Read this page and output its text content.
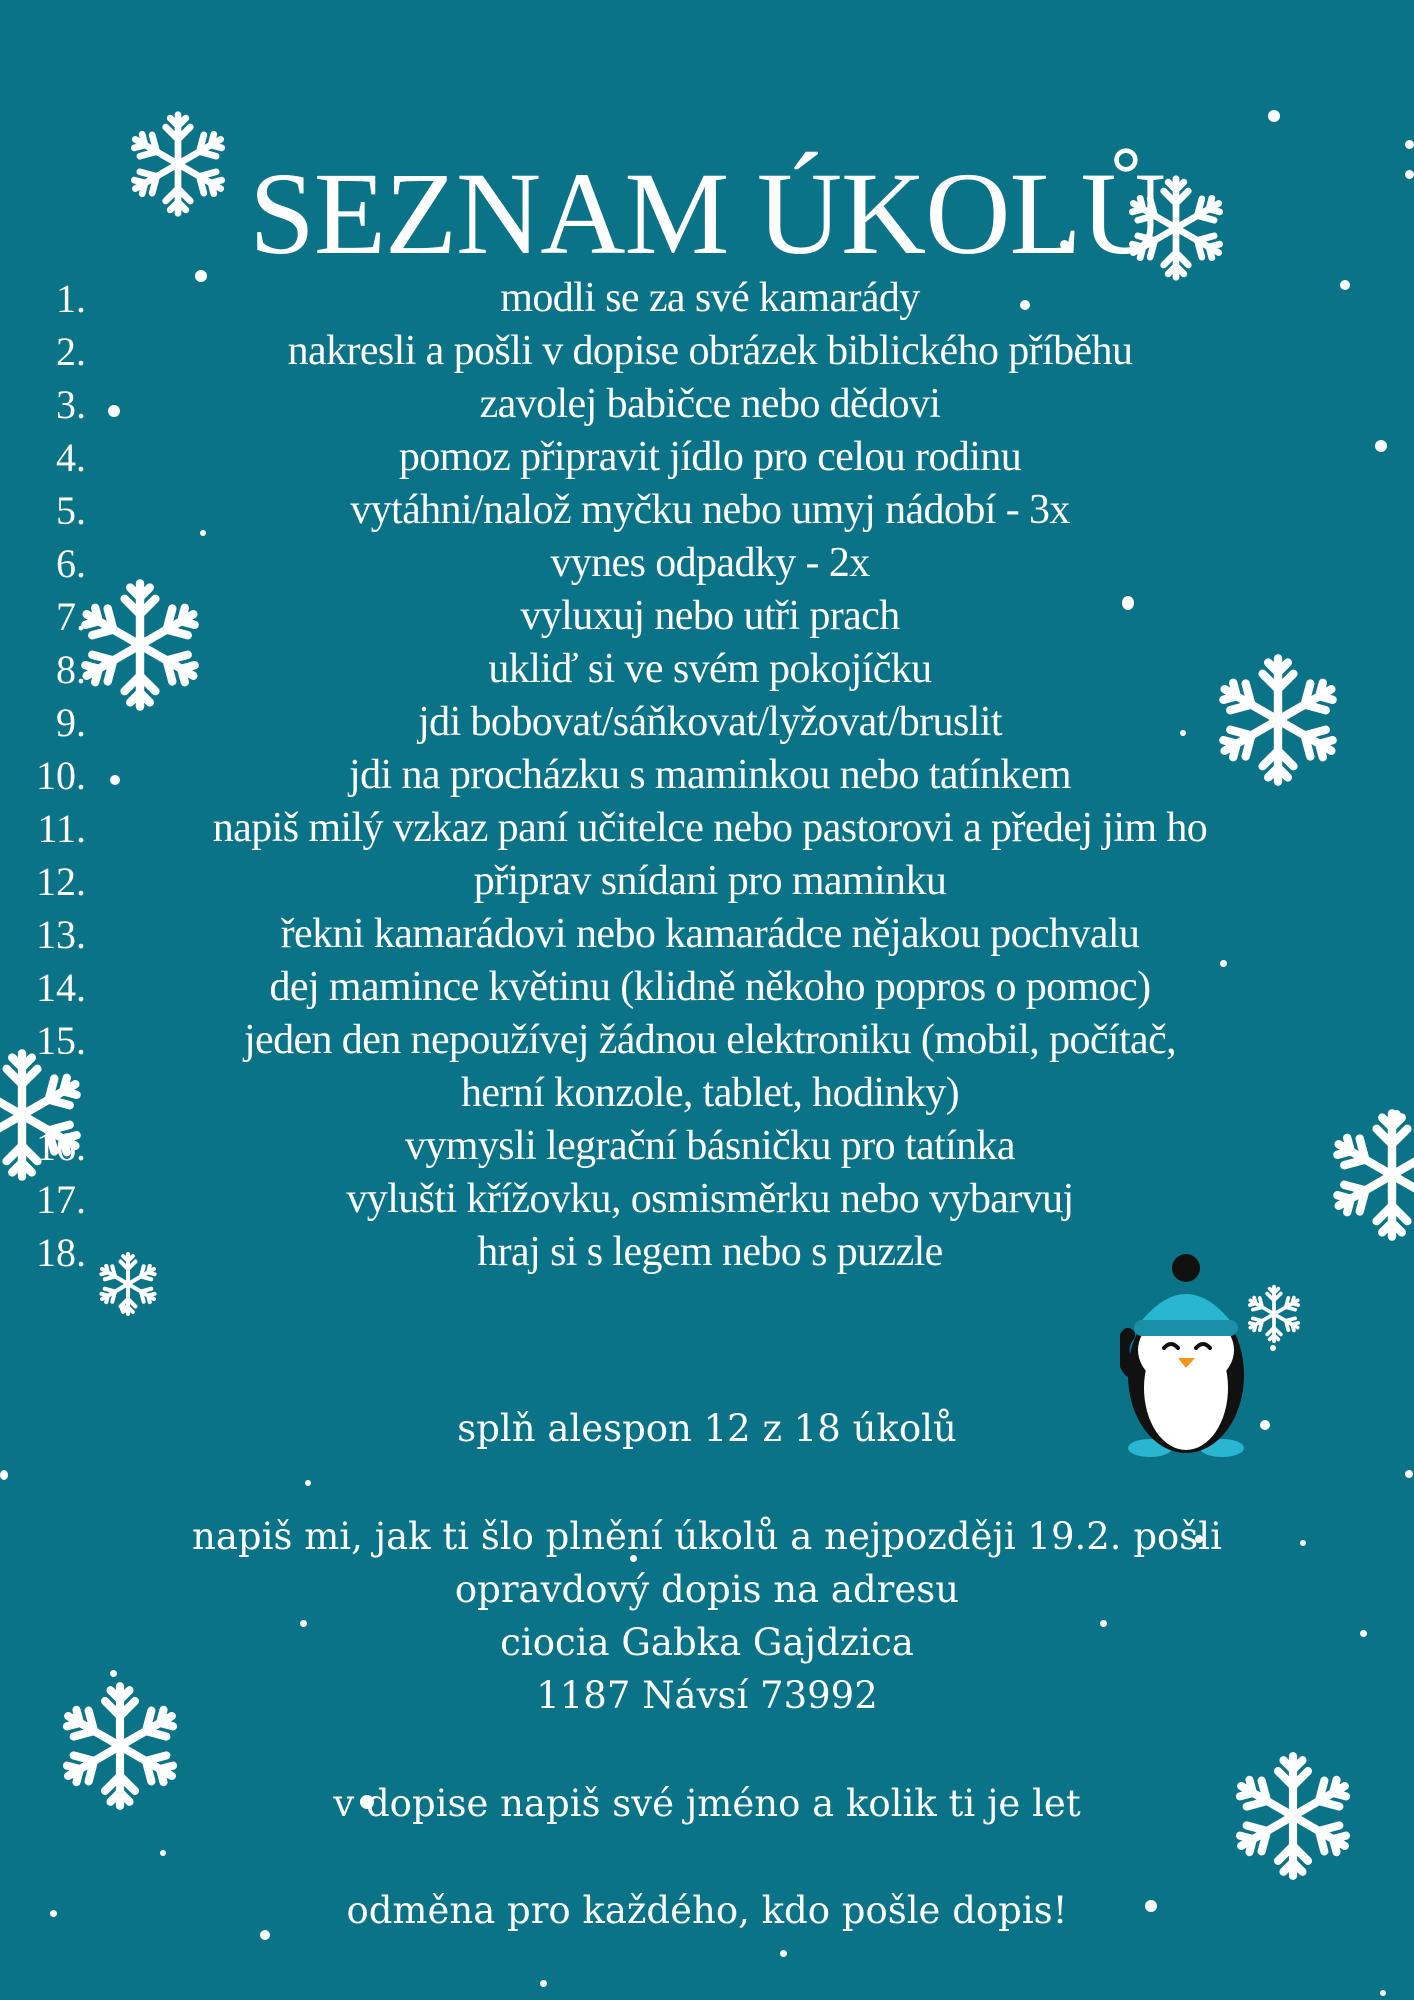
SEZNAM ÚKOLŮ
1.	modli se za své kamarády
2.	nakresli a pošli v dopise obrázek biblického příběhu
3.	zavolej babičce nebo dědovi
4.	pomoz připravit jídlo pro celou rodinu
5.	vytáhni/nalož myčku nebo umyj nádobí - 3x
6.	vynes odpadky - 2x
7.	vyluxuj nebo utři prach
8.	ukliď si ve svém pokojíčku
9.	jdi bobovat/sáňkovat/lyžovat/bruslit
10.	jdi na procházku s maminkou nebo tatínkem
11.	napiš milý vzkaz paní učitelce nebo pastorovi a předej jim ho
12.	připrav snídani pro maminku
13.	řekni kamarádovi nebo kamarádce nějakou pochvalu
14.	dej mamince květinu (klidně někoho popros o pomoc)
15.	jeden den nepoužívej žádnou elektroniku (mobil, počítač,
herní konzole, tablet, hodinky)
16.	vymysli legrační básničku pro tatínka
17.	vylušti křížovku, osmisměrku nebo vybarvuj
18.	hraj si s legem nebo s puzzle
splň alespon 12 z 18 úkolů
napiš mi, jak ti šlo plnění úkolů a nejpozději 19.2. pošli
opravdový dopis na adresu
ciocia Gabka Gajdzica
1187 Návsí 73992
v dopise napiš své jméno a kolik ti je let
odměna pro každého, kdo pošle dopis!
